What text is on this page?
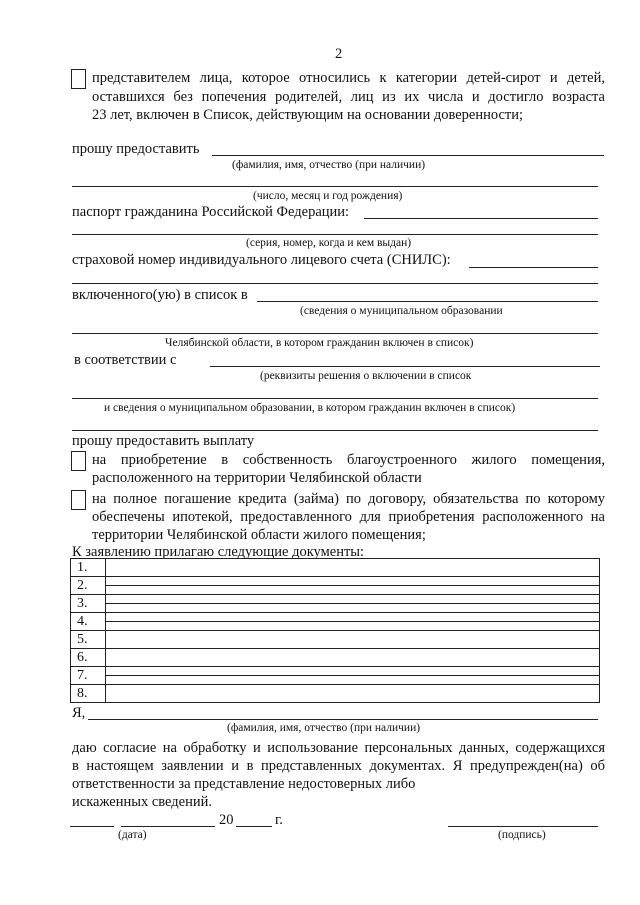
2
представителем лица, которое относились к категории детей-сирот и детей,
оставшихся без попечения родителей, лиц из их числа и достигло возраста
23 лет, включен в Список, действующим на основании доверенности;
прошу предоставить
(фамилия, имя, отчество (при наличии)
(число, месяц и год рождения)
паспорт гражданина Российской Федерации:
(серия, номер, когда и кем выдан)
страховой номер индивидуального лицевого счета (СНИЛС):
включенного(ую) в список в
(сведения о муниципальном образовании
Челябинской области, в котором гражданин включен в список)
в соответствии с
(реквизиты решения о включении в список
и сведения о муниципальном образовании, в котором гражданин включен в список)
прошу предоставить выплату
на приобретение в собственность благоустроенного жилого помещения,
расположенного на территории Челябинской области
на полное погашение кредита (займа) по договору, обязательства по которому
обеспечены ипотекой, предоставленного для приобретения расположенного на
территории Челябинской области жилого помещения;
К заявлению прилагаю следующие документы:
1.	
2.	

3.	

4.	

5.	
6.	
7.	

8.	
Я,
(фамилия, имя, отчество (при наличии)
даю согласие на обработку и использование персональных данных, содержащихся
в настоящем заявлении и в представленных документах. Я предупрежден(на) об
ответственности за представление недостоверных либо
искаженных сведений.
20	г.
(дата)	(подпись)
